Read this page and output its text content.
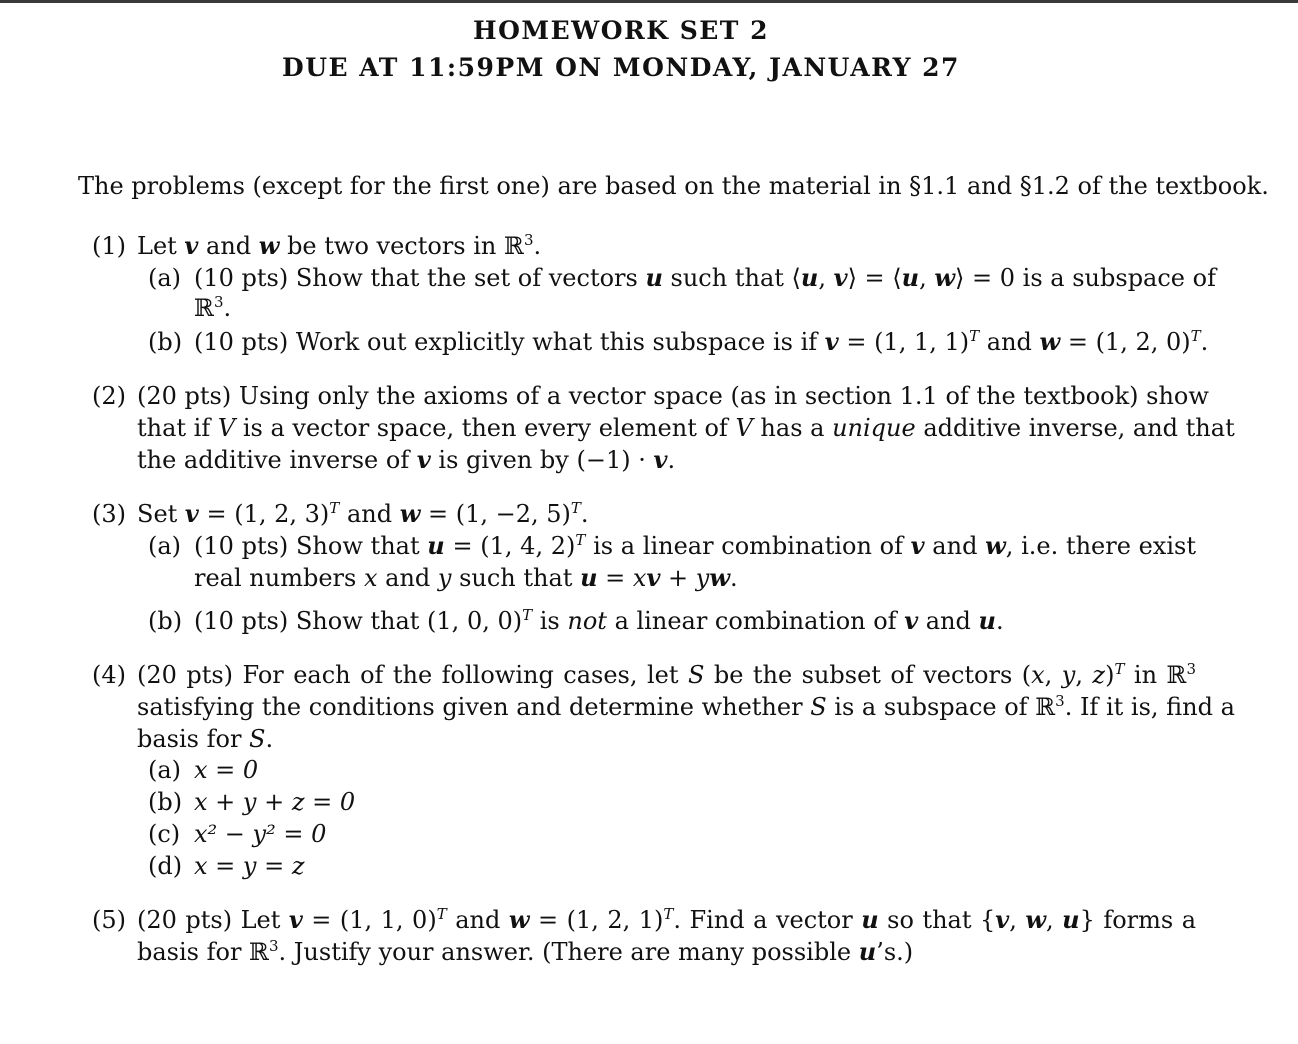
HOMEWORK SET 2
DUE AT 11:59PM ON MONDAY, JANUARY 27
The problems (except for the first one) are based on the material in §1.1 and §1.2 of the textbook.
(1) Let v and w be two vectors in ℝ$^3$.
(a) (10 pts) Show that the set of vectors u such that ⟨u, v⟩ = ⟨u, w⟩ = 0 is a subspace of
ℝ$^3$.
(b) (10 pts) Work out explicitly what this subspace is if v = (1, 1, 1)$^T$ and w = (1, 2, 0)$^T$.
(2) (20 pts) Using only the axioms of a vector space (as in section 1.1 of the textbook) show
that if V is a vector space, then every element of V has a unique additive inverse, and that
the additive inverse of v is given by (−1) · v.
(3) Set v = (1, 2, 3)$^T$ and w = (1, −2, 5)$^T$.
(a) (10 pts) Show that u = (1, 4, 2)$^T$ is a linear combination of v and w, i.e. there exist
real numbers x and y such that u = xv + yw.
(b) (10 pts) Show that (1, 0, 0)$^T$ is not a linear combination of v and u.
(4) (20 pts) For each of the following cases, let S be the subset of vectors (x, y, z)$^T$ in ℝ$^3$
satisfying the conditions given and determine whether S is a subspace of ℝ$^3$. If it is, find a
basis for S.
(a) x = 0
(b) x + y + z = 0
(c) x² − y² = 0
(d) x = y = z
(5) (20 pts) Let v = (1, 1, 0)$^T$ and w = (1, 2, 1)$^T$. Find a vector u so that {v, w, u} forms a
basis for ℝ$^3$. Justify your answer. (There are many possible u’s.)
